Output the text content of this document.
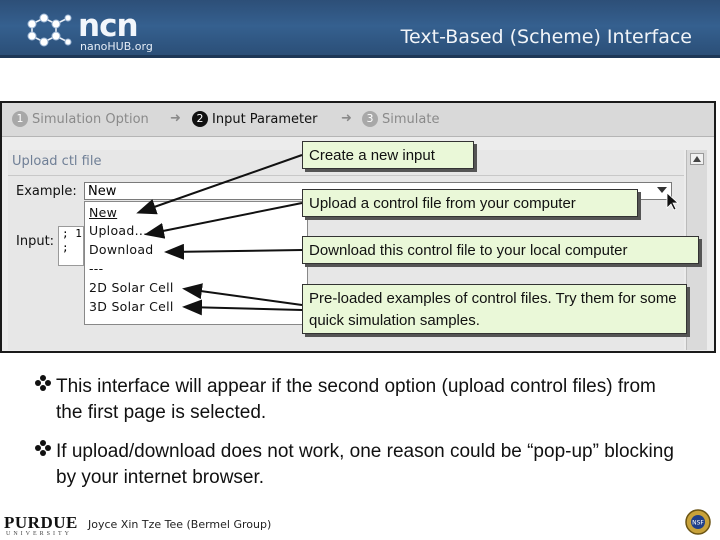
ncn
nanoHUB.org	Text-Based (Scheme) Interface
1 Simulation Option ➜	2 Input Parameter ➜	3 Simulate
Upload ctl file
Example: New
Input:
; 1
;
New
Upload...
Download
---
2D Solar Cell
3D Solar Cell
Create a new input
Upload a control file from your computer
Download this control file to your local computer
Pre-loaded examples of control files. Try them for some quick simulation samples.
This interface will appear if the second option (upload control files) from the first page is selected.
If upload/download does not work, one reason could be “pop-up” blocking by your internet browser.
PURDUE
UNIVERSITY
Joyce Xin Tze Tee (Bermel Group)	NSF
